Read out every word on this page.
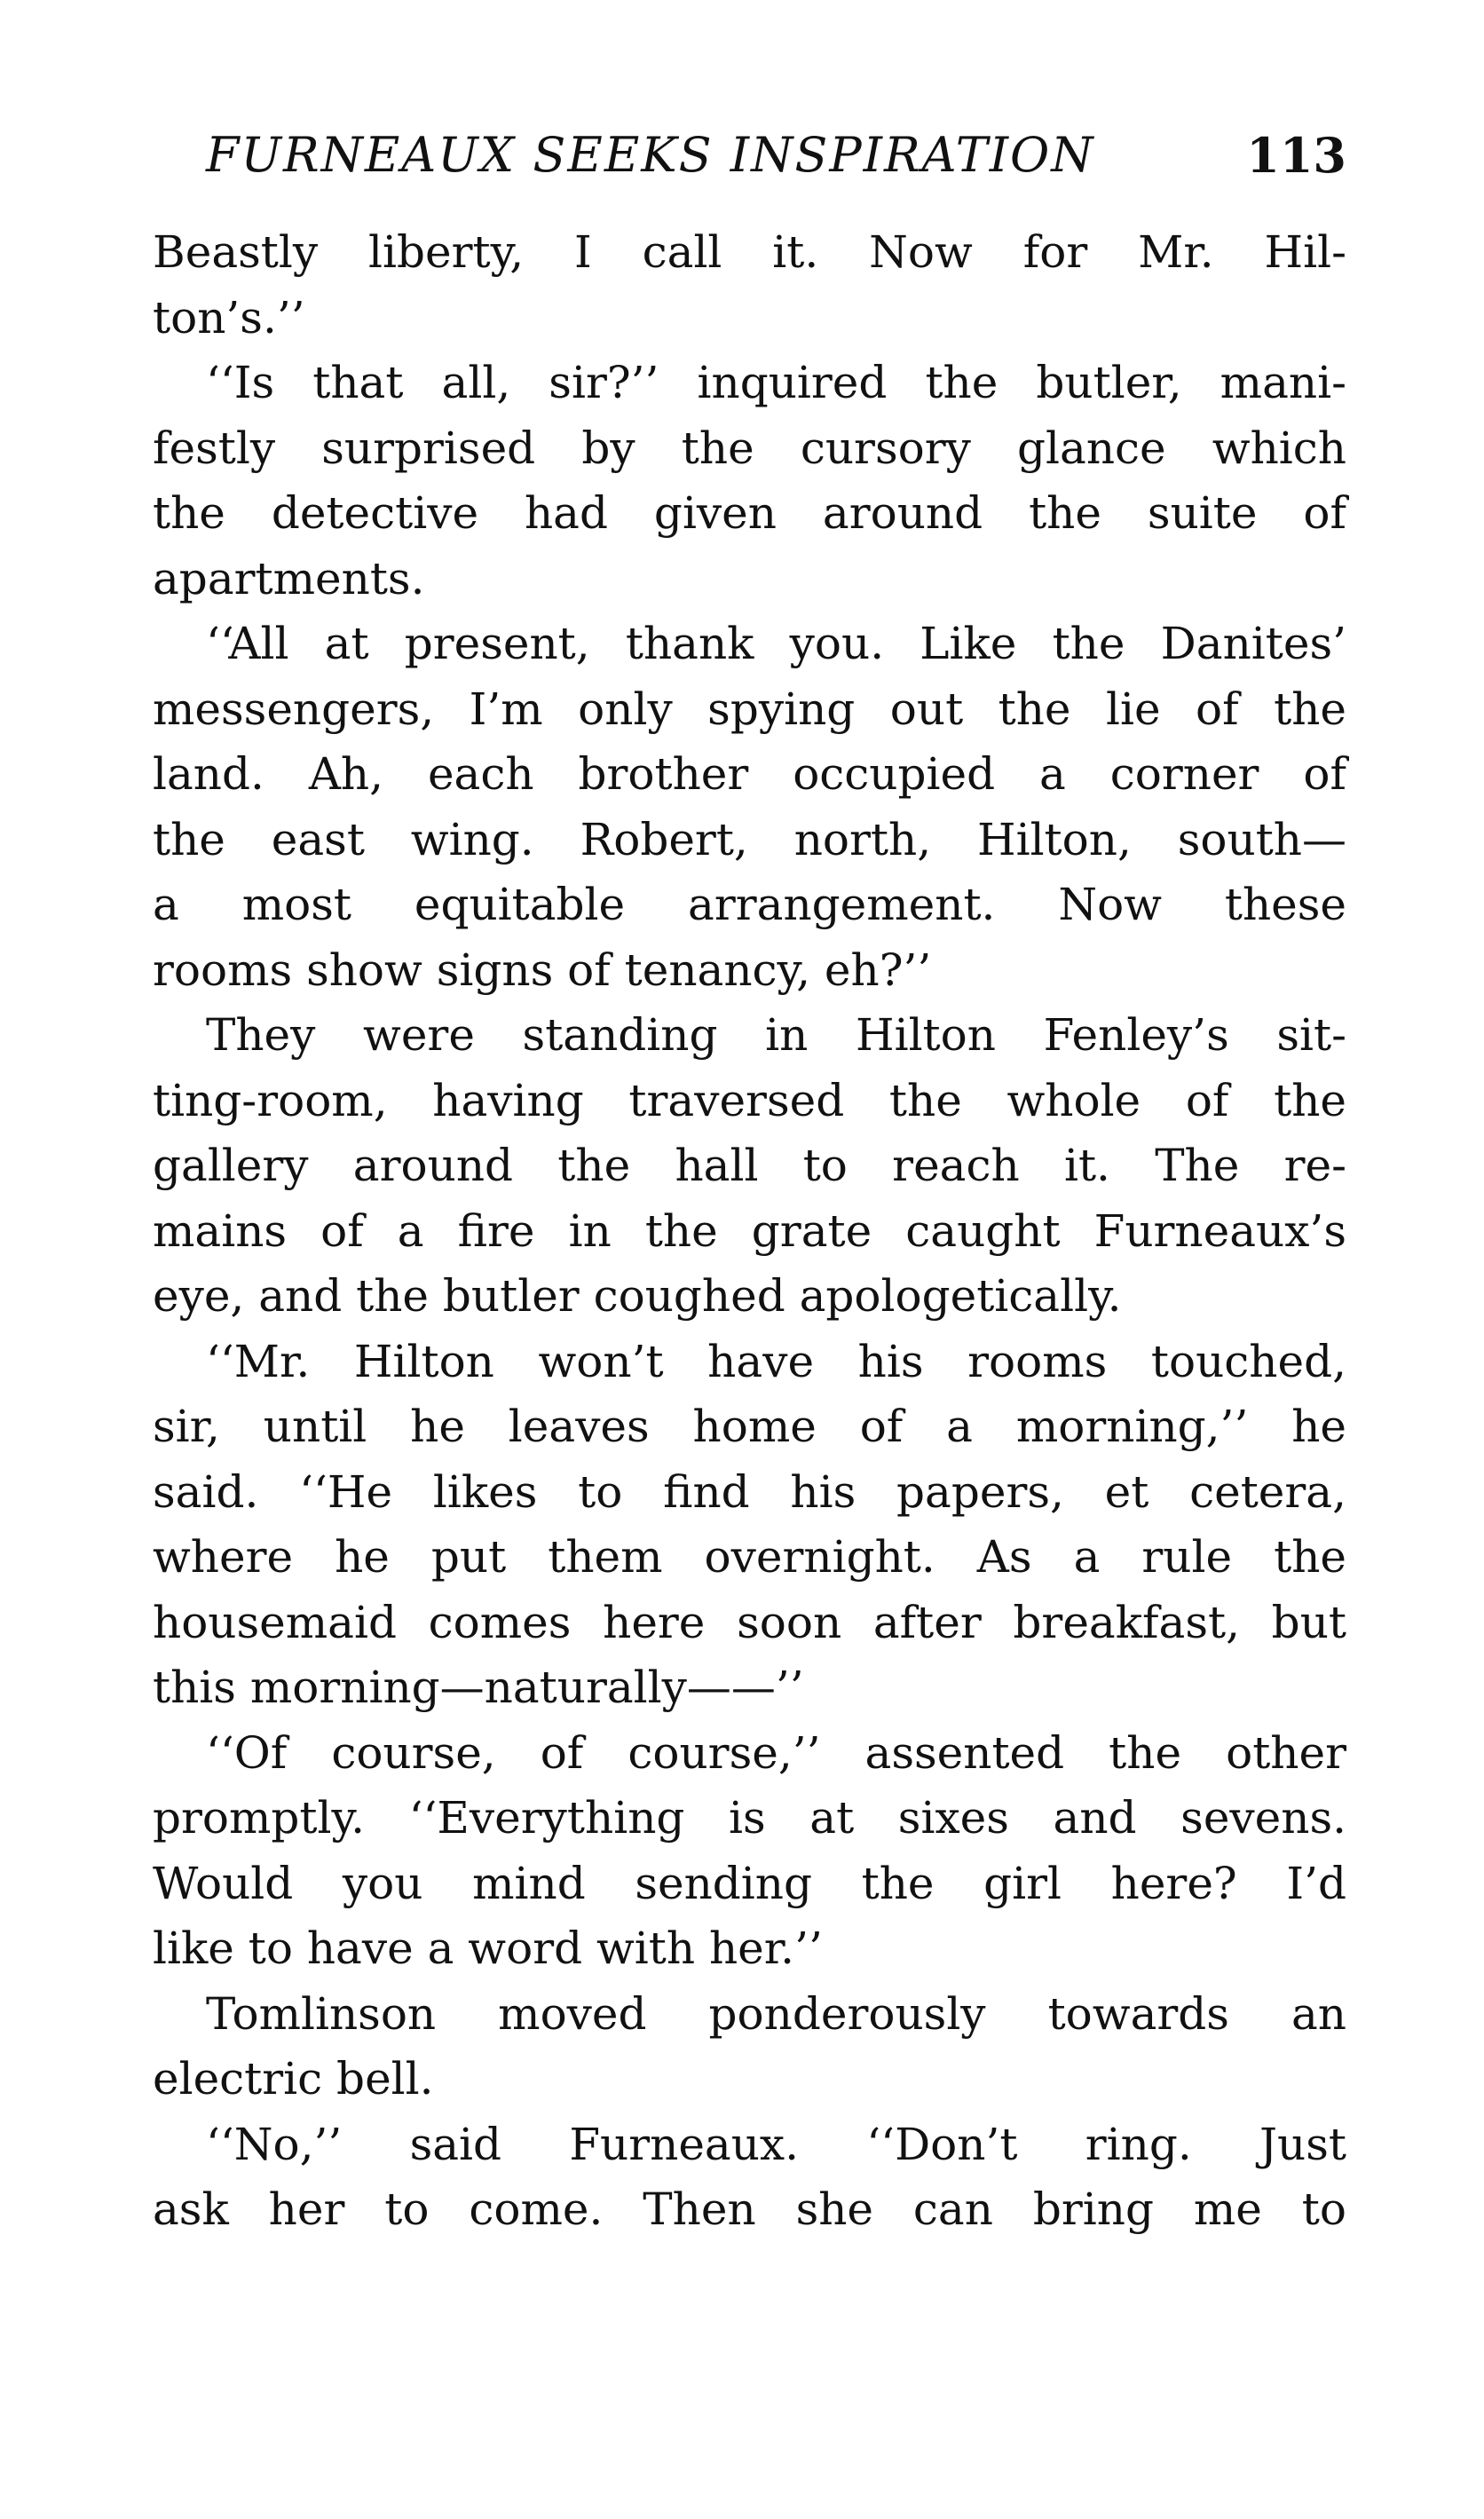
FURNEAUX SEEKS INSPIRATION	113
Beastly liberty, I call it. Now for Mr. Hil-
ton’s.’’
‘‘Is that all, sir?’’ inquired the butler, mani-
festly surprised by the cursory glance which
the detective had given around the suite of
apartments.
‘‘All at present, thank you. Like the Danites’
messengers, I’m only spying out the lie of the
land. Ah, each brother occupied a corner of
the east wing. Robert, north, Hilton, south—
a most equitable arrangement. Now these
rooms show signs of tenancy, eh?’’
They were standing in Hilton Fenley’s sit-
ting-room, having traversed the whole of the
gallery around the hall to reach it. The re-
mains of a fire in the grate caught Furneaux’s
eye, and the butler coughed apologetically.
‘‘Mr. Hilton won’t have his rooms touched,
sir, until he leaves home of a morning,’’ he
said. ‘‘He likes to find his papers, et cetera,
where he put them overnight. As a rule the
housemaid comes here soon after breakfast, but
this morning—naturally——’’
‘‘Of course, of course,’’ assented the other
promptly. ‘‘Everything is at sixes and sevens.
Would you mind sending the girl here? I’d
like to have a word with her.’’
Tomlinson moved ponderously towards an
electric bell.
‘‘No,’’ said Furneaux. ‘‘Don’t ring. Just
ask her to come. Then she can bring me to
